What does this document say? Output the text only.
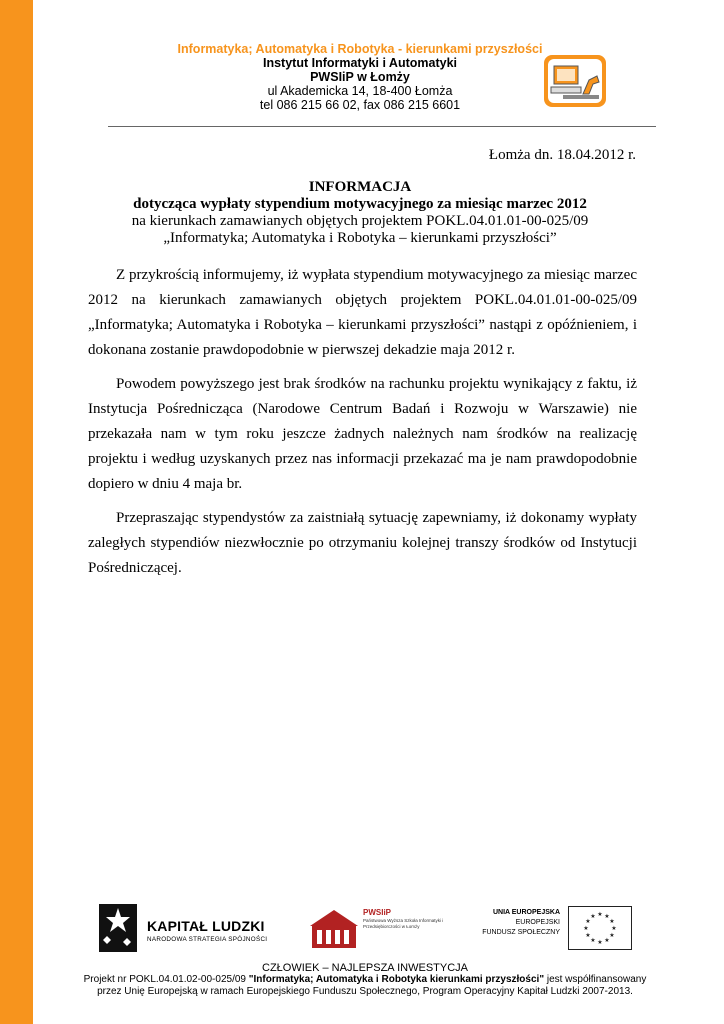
Informatyka; Automatyka i Robotyka - kierunkami przyszłości
Instytut Informatyki i Automatyki
PWSIiP w Łomży
ul Akademicka 14, 18-400 Łomża
tel 086 215 66 02, fax 086 215 6601
Łomża dn. 18.04.2012 r.
INFORMACJA
dotycząca wypłaty stypendium motywacyjnego za miesiąc marzec 2012
na kierunkach zamawianych objętych projektem POKL.04.01.01-00-025/09
„Informatyka; Automatyka i Robotyka – kierunkami przyszłości”

Z przykrością informujemy, iż wypłata stypendium motywacyjnego za miesiąc marzec 2012 na kierunkach zamawianych objętych projektem POKL.04.01.01-00-025/09 „Informatyka; Automatyka i Robotyka – kierunkami przyszłości” nastąpi z opóźnieniem, i dokonana zostanie prawdopodobnie w pierwszej dekadzie maja 2012 r.

Powodem powyższego jest brak środków na rachunku projektu wynikający z faktu, iż Instytucja Pośrednicząca (Narodowe Centrum Badań i Rozwoju w Warszawie) nie przekazała nam w tym roku jeszcze żadnych należnych nam środków na realizację projektu i według uzyskanych przez nas informacji przekazać ma je nam prawdopodobnie dopiero w dniu 4 maja br.

Przepraszając stypendystów za zaistniałą sytuację zapewniamy, iż dokonamy wypłaty zaległych stypendiów niezwłocznie po otrzymaniu kolejnej transzy środków od Instytucji Pośredniczącej.

KAPITAŁ LUDZKI
NARODOWA STRATEGIA SPÓJNOŚCI
PWSIiP
Państwowa Wyższa Szkoła Informatyki i Przedsiębiorczości w Łomży
UNIA EUROPEJSKA
EUROPEJSKI
FUNDUSZ SPOŁECZNY
★ ★
★
★
★
★
★
★
★
★
★
★
CZŁOWIEK – NAJLEPSZA INWESTYCJA
Projekt nr POKL.04.01.02-00-025/09 "Informatyka; Automatyka i Robotyka kierunkami przyszłości" jest współfinansowany
przez Unię Europejską w ramach Europejskiego Funduszu Społecznego, Program Operacyjny Kapitał Ludzki 2007-2013.
